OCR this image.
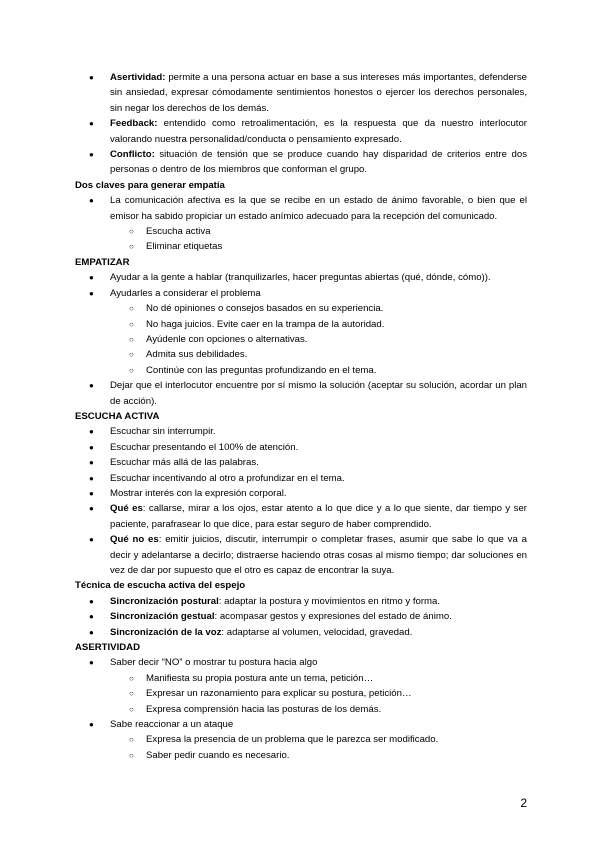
● Asertividad: permite a una persona actuar en base a sus intereses más importantes, defenderse sin ansiedad, expresar cómodamente sentimientos honestos o ejercer los derechos personales, sin negar los derechos de los demás.
● Feedback: entendido como retroalimentación, es la respuesta que da nuestro interlocutor valorando nuestra personalidad/conducta o pensamiento expresado.
● Conflicto: situación de tensión que se produce cuando hay disparidad de criterios entre dos personas o dentro de los miembros que conforman el grupo.

Dos claves para generar empatía

● La comunicación afectiva es la que se recibe en un estado de ánimo favorable, o bien que el emisor ha sabido propiciar un estado anímico adecuado para la recepción del comunicado.
○ Escucha activa
○ Eliminar etiquetas

EMPATIZAR

● Ayudar a la gente a hablar (tranquilizarles, hacer preguntas abiertas (qué, dónde, cómo)).
● Ayudarles a considerar el problema
○ No dé opiniones o consejos basados en su experiencia.
○ No haga juicios. Evite caer en la trampa de la autoridad.
○ Ayúdenle con opciones o alternativas.
○ Admita sus debilidades.
○ Continúe con las preguntas profundizando en el tema.
● Dejar que el interlocutor encuentre por sí mismo la solución (aceptar su solución, acordar un plan de acción).

ESCUCHA ACTIVA

● Escuchar sin interrumpir.
● Escuchar presentando el 100% de atención.
● Escuchar más allá de las palabras.
● Escuchar incentivando al otro a profundizar en el tema.
● Mostrar interés con la expresión corporal.
● Qué es: callarse, mirar a los ojos, estar atento a lo que dice y a lo que siente, dar tiempo y ser paciente, parafrasear lo que dice, para estar seguro de haber comprendido.
● Qué no es: emitir juicios, discutir, interrumpir o completar frases, asumir que sabe lo que va a decir y adelantarse a decirlo; distraerse haciendo otras cosas al mismo tiempo; dar soluciones en vez de dar por supuesto que el otro es capaz de encontrar la suya.

Técnica de escucha activa del espejo

● Sincronización postural: adaptar la postura y movimientos en ritmo y forma.
● Sincronización gestual: acompasar gestos y expresiones del estado de ánimo.
● Sincronización de la voz: adaptarse al volumen, velocidad, gravedad.

ASERTIVIDAD

● Saber decir “NO” o mostrar tu postura hacia algo
○ Manifiesta su propia postura ante un tema, petición…
○ Expresar un razonamiento para explicar su postura, petición…
○ Expresa comprensión hacia las posturas de los demás.
● Sabe reaccionar a un ataque
○ Expresa la presencia de un problema que le parezca ser modificado.
○ Saber pedir cuando es necesario.
2
